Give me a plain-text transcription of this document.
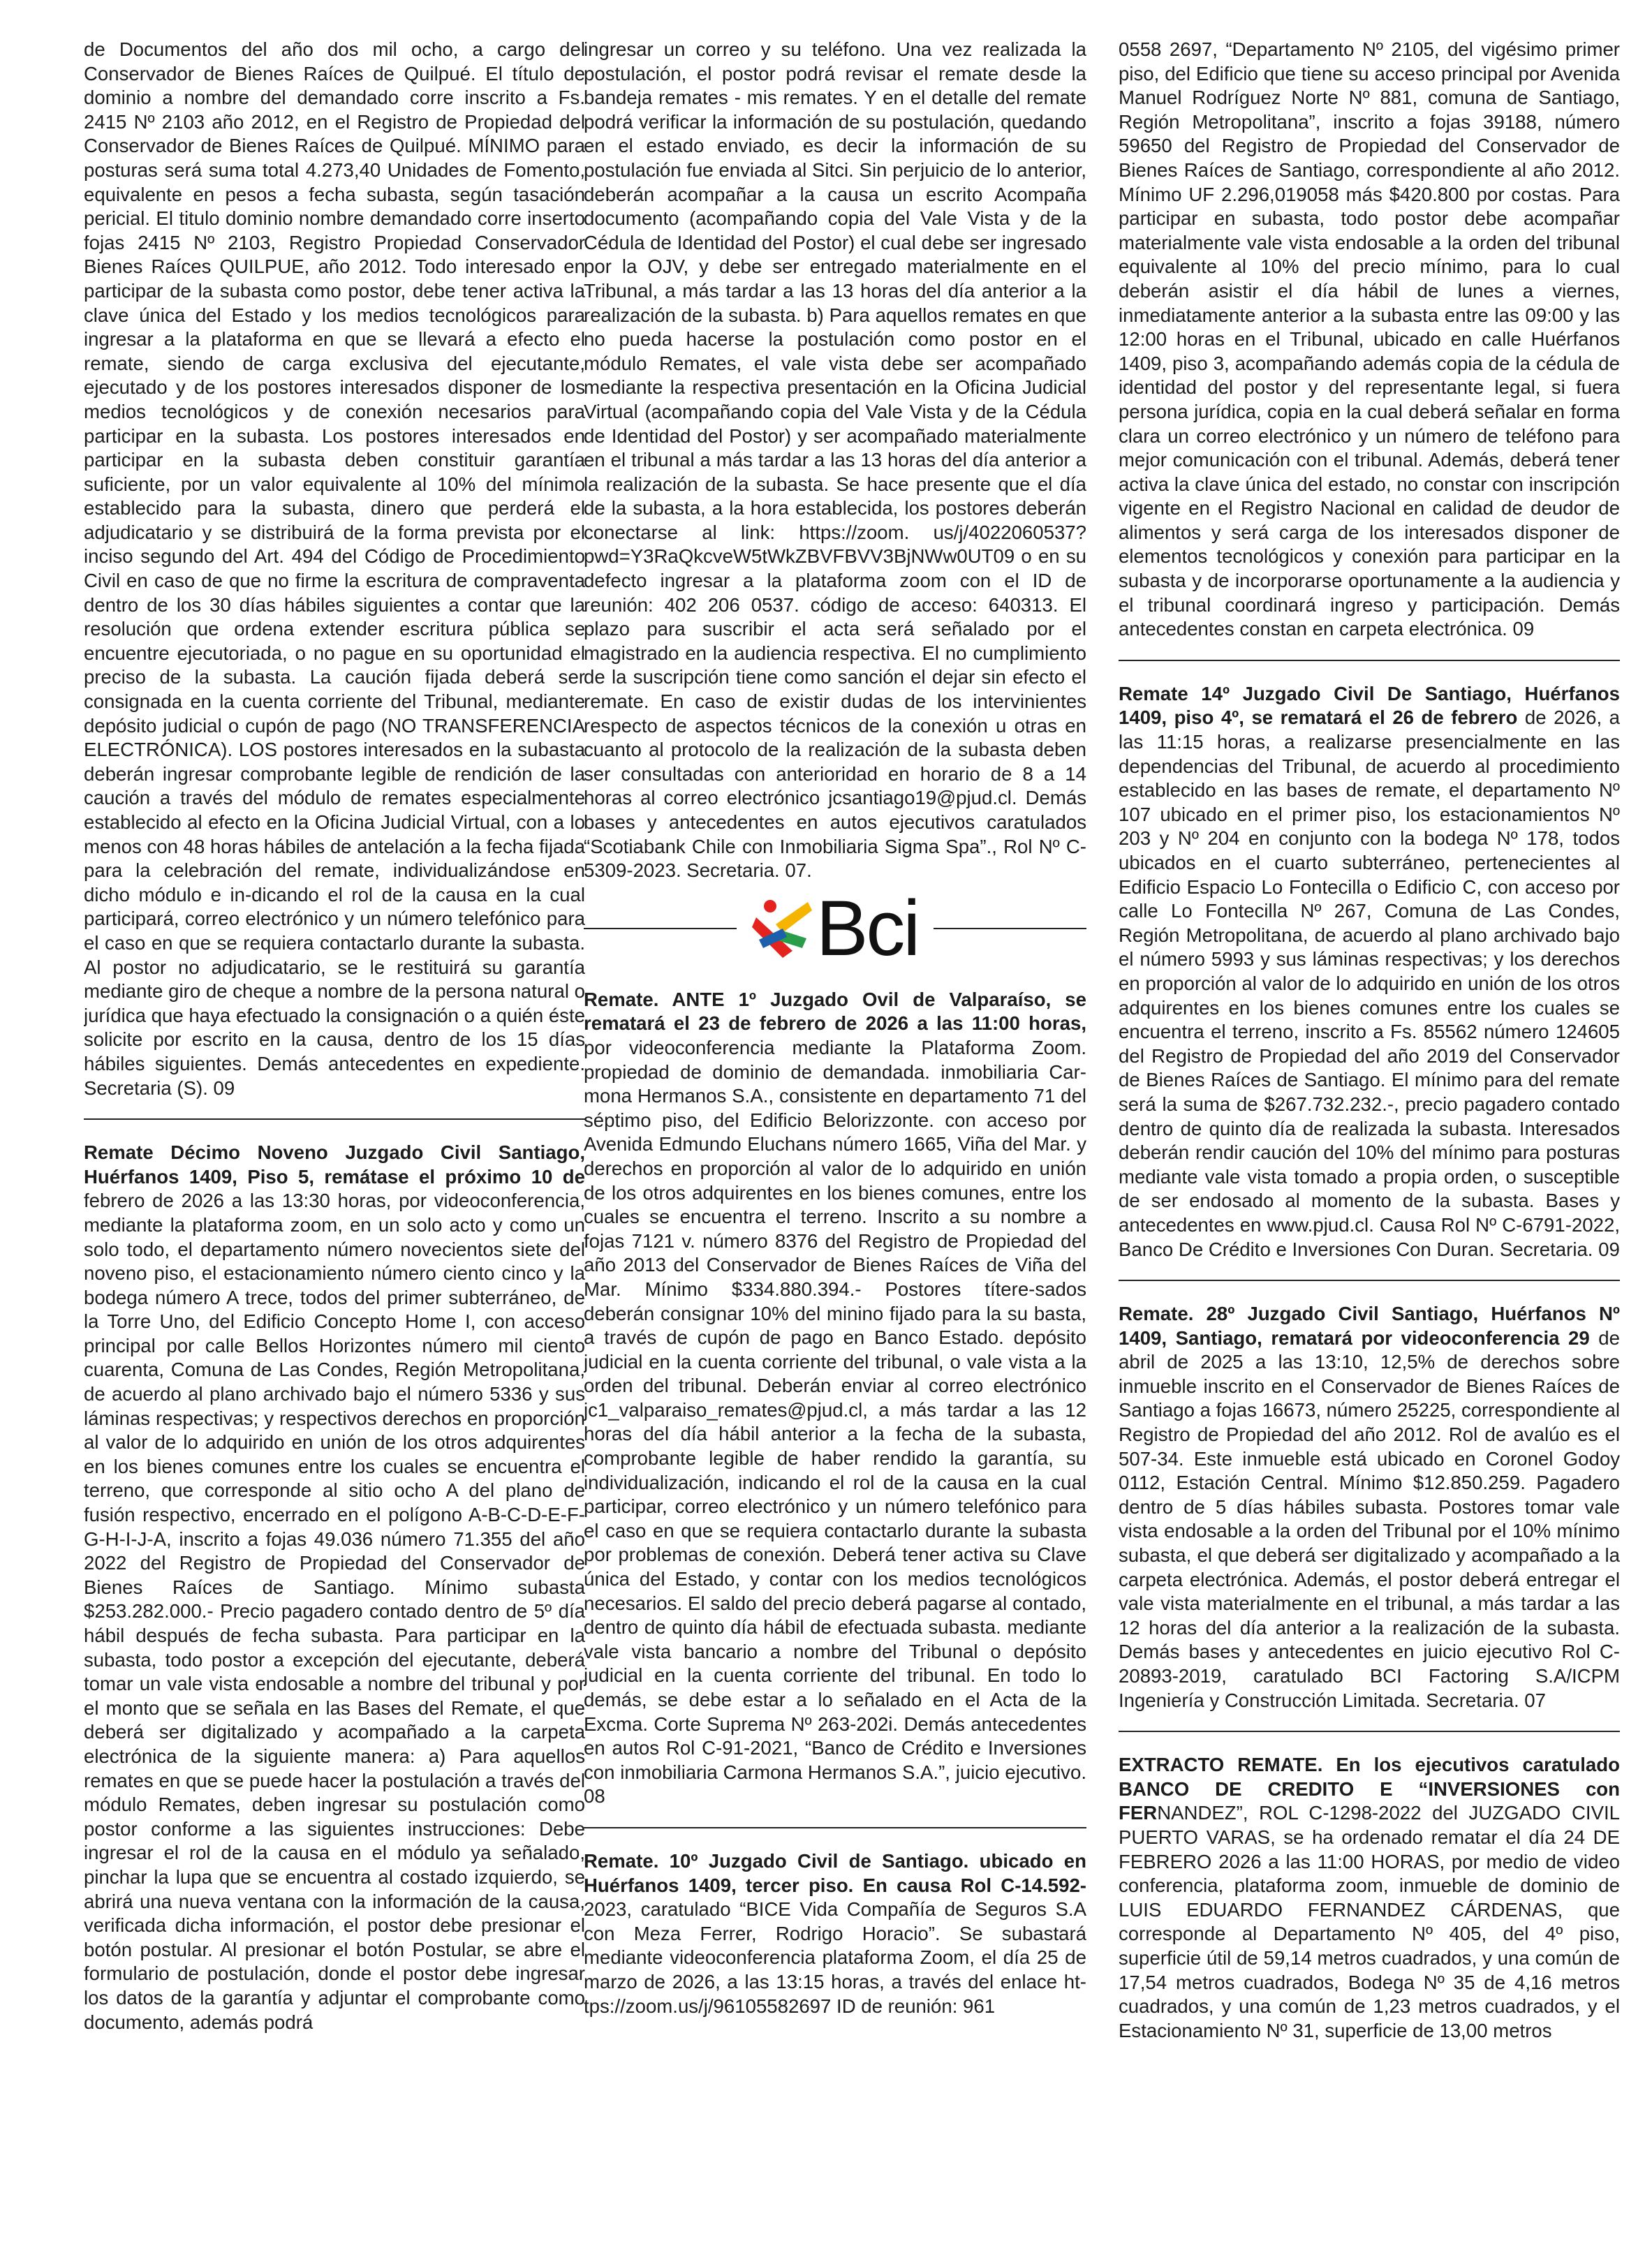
de Documentos del año dos mil ocho, a cargo del Conservador de Bienes Raíces de Quilpué. El título de dominio a nombre del demandado corre inscrito a Fs. 2415 Nº 2103 año 2012, en el Registro de Propiedad del Conservador de Bienes Raíces de Quilpué. MÍNIMO para posturas será suma total 4.273,40 Unidades de Fomento, equivalente en pesos a fecha subasta, según tasación pericial. El titulo dominio nombre demandado corre inserto fojas 2415 Nº 2103, Registro Propiedad Conservador Bienes Raíces QUILPUE, año 2012. Todo interesado en participar de la subasta como postor, debe tener activa la clave única del Estado y los medios tecnológicos para ingresar a la plataforma en que se llevará a efecto el remate, siendo de carga exclusiva del ejecutante, ejecutado y de los postores interesados disponer de los medios tecnológicos y de conexión necesarios para participar en la subasta. Los postores interesados en participar en la subasta deben constituir garantía suficiente, por un valor equivalente al 10% del mínimo establecido para la subasta, dinero que perderá el adjudicatario y se distribuirá de la forma prevista por el inciso segundo del Art. 494 del Código de Procedimiento Civil en caso de que no firme la escritura de compraventa dentro de los 30 días hábiles siguientes a contar que la resolución que ordena extender escritura pública se encuentre ejecutoriada, o no pague en su oportunidad el preciso de la subasta. La caución fijada deberá ser consignada en la cuenta corriente del Tribunal, mediante depósito judicial o cupón de pago (NO TRANSFERENCIA ELECTRÓNICA). LOS postores interesados en la subasta deberán ingresar comprobante legible de rendición de la caución a través del módulo de remates especialmente establecido al efecto en la Oficina Judicial Virtual, con a lo menos con 48 horas hábiles de antelación a la fecha fijada para la celebración del remate, individualizándose en dicho módulo e in-dicando el rol de la causa en la cual participará, correo electrónico y un número telefónico para el caso en que se requiera contactarlo durante la subasta. Al postor no adjudicatario, se le restituirá su garantía mediante giro de cheque a nombre de la persona natural o jurídica que haya efectuado la consignación o a quién éste solicite por escrito en la causa, dentro de los 15 días hábiles siguientes. Demás antecedentes en expediente. Secretaria (S). 09

Remate Décimo Noveno Juzgado Civil Santiago, Huérfanos 1409, Piso 5, remátase el próximo 10 de febrero de 2026 a las 13:30 horas, por videoconferencia, mediante la plataforma zoom, en un solo acto y como un solo todo, el departamento número novecientos siete del noveno piso, el estacionamiento número ciento cinco y la bodega número A trece, todos del primer subterráneo, de la Torre Uno, del Edificio Concepto Home I, con acceso principal por calle Bellos Horizontes número mil ciento cuarenta, Comuna de Las Condes, Región Metropolitana, de acuerdo al plano archivado bajo el número 5336 y sus láminas respectivas; y respectivos derechos en proporción al valor de lo adquirido en unión de los otros adquirentes en los bienes comunes entre los cuales se encuentra el terreno, que corresponde al sitio ocho A del plano de fusión respectivo, encerrado en el polígono A-B-C-D-E-F-G-H-I-J-A, inscrito a fojas 49.036 número 71.355 del año 2022 del Registro de Propiedad del Conservador de Bienes Raíces de Santiago. Mínimo subasta $253.282.000.- Precio pagadero contado dentro de 5º día hábil después de fecha subasta. Para participar en la subasta, todo postor a excepción del ejecutante, deberá tomar un vale vista endosable a nombre del tribunal y por el monto que se señala en las Bases del Remate, el que deberá ser digitalizado y acompañado a la carpeta electrónica de la siguiente manera: a) Para aquellos remates en que se puede hacer la postulación a través del módulo Remates, deben ingresar su postulación como postor conforme a las siguientes instrucciones: Debe ingresar el rol de la causa en el módulo ya señalado, pinchar la lupa que se encuentra al costado izquierdo, se abrirá una nueva ventana con la información de la causa, verificada dicha información, el postor debe presionar el botón postular. Al presionar el botón Postular, se abre el formulario de postulación, donde el postor debe ingresar los datos de la garantía y adjuntar el comprobante como documento, además podrá

ingresar un correo y su teléfono. Una vez realizada la postulación, el postor podrá revisar el remate desde la bandeja remates - mis remates. Y en el detalle del remate podrá verificar la información de su postulación, quedando en el estado enviado, es decir la información de su postulación fue enviada al Sitci. Sin perjuicio de lo anterior, deberán acompañar a la causa un escrito Acompaña documento (acompañando copia del Vale Vista y de la Cédula de Identidad del Postor) el cual debe ser ingresado por la OJV, y debe ser entregado materialmente en el Tribunal, a más tardar a las 13 horas del día anterior a la realización de la subasta. b) Para aquellos remates en que no pueda hacerse la postulación como postor en el módulo Remates, el vale vista debe ser acompañado mediante la respectiva presentación en la Oficina Judicial Virtual (acompañando copia del Vale Vista y de la Cédula de Identidad del Postor) y ser acompañado materialmente en el tribunal a más tardar a las 13 horas del día anterior a la realización de la subasta. Se hace presente que el día de la subasta, a la hora establecida, los postores deberán conectarse al link: https://zoom. us/j/4022060537?pwd=Y3RaQkcveW5tWkZBVFBVV3BjNWw0UT09 o en su defecto ingresar a la plataforma zoom con el ID de reunión: 402 206 0537. código de acceso: 640313. El plazo para suscribir el acta será señalado por el magistrado en la audiencia respectiva. El no cumplimiento de la suscripción tiene como sanción el dejar sin efecto el remate. En caso de existir dudas de los intervinientes respecto de aspectos técnicos de la conexión u otras en cuanto al protocolo de la realización de la subasta deben ser consultadas con anterioridad en horario de 8 a 14 horas al correo electrónico jcsantiago19@pjud.cl. Demás bases y antecedentes en autos ejecutivos caratulados “Scotiabank Chile con Inmobiliaria Sigma Spa”., Rol Nº C-5309-2023. Secretaria. 07.

Bci

Remate. ANTE 1º Juzgado Ovil de Valparaíso, se rematará el 23 de febrero de 2026 a las 11:00 horas, por videoconferencia mediante la Plataforma Zoom. propiedad de dominio de demandada. inmobiliaria Car-mona Hermanos S.A., consistente en departamento 71 del séptimo piso, del Edificio Belorizzonte. con acceso por Avenida Edmundo Eluchans número 1665, Viña del Mar. y derechos en proporción al valor de lo adquirido en unión de los otros adquirentes en los bienes comunes, entre los cuales se encuentra el terreno. Inscrito a su nombre a fojas 7121 v. número 8376 del Registro de Propiedad del año 2013 del Conservador de Bienes Raíces de Viña del Mar. Mínimo $334.880.394.- Postores títere-sados deberán consignar 10% del minino fijado para la su basta, a través de cupón de pago en Banco Estado. depósito judicial en la cuenta corriente del tribunal, o vale vista a la orden del tribunal. Deberán enviar al correo electrónico jc1_valparaiso_remates@pjud.cl, a más tardar a las 12 horas del día hábil anterior a la fecha de la subasta, comprobante legible de haber rendido la garantía, su individualización, indicando el rol de la causa en la cual participar, correo electrónico y un número telefónico para el caso en que se requiera contactarlo durante la subasta por problemas de conexión. Deberá tener activa su Clave única del Estado, y contar con los medios tecnológicos necesarios. El saldo del precio deberá pagarse al contado, dentro de quinto día hábil de efectuada subasta. mediante vale vista bancario a nombre del Tribunal o depósito judicial en la cuenta corriente del tribunal. En todo lo demás, se debe estar a lo señalado en el Acta de la Excma. Corte Suprema Nº 263-202i. Demás antecedentes en autos Rol C-91-2021, “Banco de Crédito e Inversiones con inmobiliaria Carmona Hermanos S.A.”, juicio ejecutivo. 08

Remate. 10º Juzgado Civil de Santiago. ubicado en Huérfanos 1409, tercer piso. En causa Rol C-14.592-2023, caratulado “BICE Vida Compañía de Seguros S.A con Meza Ferrer, Rodrigo Horacio”. Se subastará mediante videoconferencia plataforma Zoom, el día 25 de marzo de 2026, a las 13:15 horas, a través del enlace https://zoom.us/j/96105582697 ID de reunión: 961

0558 2697, “Departamento Nº 2105, del vigésimo primer piso, del Edificio que tiene su acceso principal por Avenida Manuel Rodríguez Norte Nº 881, comuna de Santiago, Región Metropolitana”, inscrito a fojas 39188, número 59650 del Registro de Propiedad del Conservador de Bienes Raíces de Santiago, correspondiente al año 2012. Mínimo UF 2.296,019058 más $420.800 por costas. Para participar en subasta, todo postor debe acompañar materialmente vale vista endosable a la orden del tribunal equivalente al 10% del precio mínimo, para lo cual deberán asistir el día hábil de lunes a viernes, inmediatamente anterior a la subasta entre las 09:00 y las 12:00 horas en el Tribunal, ubicado en calle Huérfanos 1409, piso 3, acompañando además copia de la cédula de identidad del postor y del representante legal, si fuera persona jurídica, copia en la cual deberá señalar en forma clara un correo electrónico y un número de teléfono para mejor comunicación con el tribunal. Además, deberá tener activa la clave única del estado, no constar con inscripción vigente en el Registro Nacional en calidad de deudor de alimentos y será carga de los interesados disponer de elementos tecnológicos y conexión para participar en la subasta y de incorporarse oportunamente a la audiencia y el tribunal coordinará ingreso y participación. Demás antecedentes constan en carpeta electrónica. 09

Remate 14º Juzgado Civil De Santiago, Huérfanos 1409, piso 4º, se rematará el 26 de febrero de 2026, a las 11:15 horas, a realizarse presencialmente en las dependencias del Tribunal, de acuerdo al procedimiento establecido en las bases de remate, el departamento Nº 107 ubicado en el primer piso, los estacionamientos Nº 203 y Nº 204 en conjunto con la bodega Nº 178, todos ubicados en el cuarto subterráneo, pertenecientes al Edificio Espacio Lo Fontecilla o Edificio C, con acceso por calle Lo Fontecilla Nº 267, Comuna de Las Condes, Región Metropolitana, de acuerdo al plano archivado bajo el número 5993 y sus láminas respectivas; y los derechos en proporción al valor de lo adquirido en unión de los otros adquirentes en los bienes comunes entre los cuales se encuentra el terreno, inscrito a Fs. 85562 número 124605 del Registro de Propiedad del año 2019 del Conservador de Bienes Raíces de Santiago. El mínimo para del remate será la suma de $267.732.232.-, precio pagadero contado dentro de quinto día de realizada la subasta. Interesados deberán rendir caución del 10% del mínimo para posturas mediante vale vista tomado a propia orden, o susceptible de ser endosado al momento de la subasta. Bases y antecedentes en www.pjud.cl. Causa Rol Nº C-6791-2022, Banco De Crédito e Inversiones Con Duran. Secretaria. 09

Remate. 28º Juzgado Civil Santiago, Huérfanos Nº 1409, Santiago, rematará por videoconferencia 29 de abril de 2025 a las 13:10, 12,5% de derechos sobre inmueble inscrito en el Conservador de Bienes Raíces de Santiago a fojas 16673, número 25225, correspondiente al Registro de Propiedad del año 2012. Rol de avalúo es el 507-34. Este inmueble está ubicado en Coronel Godoy 0112, Estación Central. Mínimo $12.850.259. Pagadero dentro de 5 días hábiles subasta. Postores tomar vale vista endosable a la orden del Tribunal por el 10% mínimo subasta, el que deberá ser digitalizado y acompañado a la carpeta electrónica. Además, el postor deberá entregar el vale vista materialmente en el tribunal, a más tardar a las 12 horas del día anterior a la realización de la subasta. Demás bases y antecedentes en juicio ejecutivo Rol C-20893-2019, caratulado BCI Factoring S.A/ICPM Ingeniería y Construcción Limitada. Secretaria. 07

EXTRACTO REMATE. En los ejecutivos caratulado BANCO DE CREDITO E “INVERSIONES con FERNANDEZ”, ROL C-1298-2022 del JUZGADO CIVIL PUERTO VARAS, se ha ordenado rematar el día 24 DE FEBRERO 2026 a las 11:00 HORAS, por medio de video conferencia, plataforma zoom, inmueble de dominio de LUIS EDUARDO FERNANDEZ CÁRDENAS, que corresponde al Departamento Nº 405, del 4º piso, superficie útil de 59,14 metros cuadrados, y una común de 17,54 metros cuadrados, Bodega Nº 35 de 4,16 metros cuadrados, y una común de 1,23 metros cuadrados, y el Estacionamiento Nº 31, superficie de 13,00 metros
